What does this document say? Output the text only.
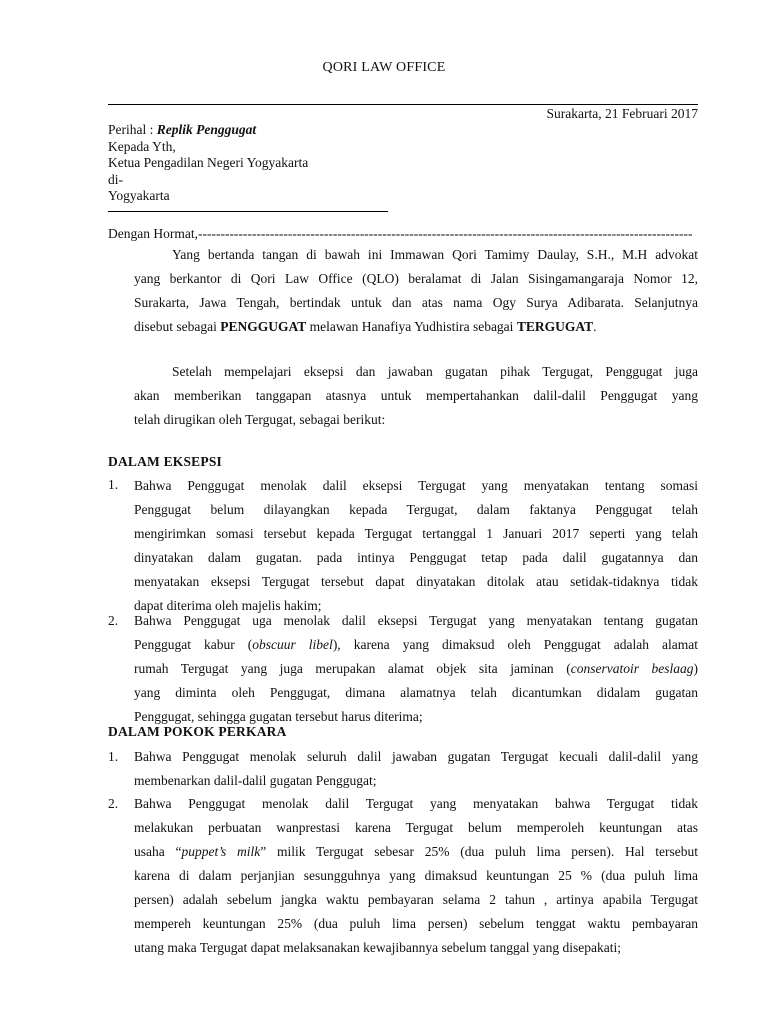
QORI LAW OFFICE
Surakarta, 21 Februari 2017
Perihal : Replik Penggugat
Kepada Yth,
Ketua Pengadilan Negeri Yogyakarta
di-
Yogyakarta
Dengan Hormat,--------------------------------------------------------------------------------------------------------------
Yang bertanda tangan di bawah ini Immawan Qori Tamimy Daulay, S.H., M.H advokat
yang berkantor di Qori Law Office (QLO) beralamat di Jalan Sisingamangaraja Nomor 12,
Surakarta, Jawa Tengah, bertindak untuk dan atas nama Ogy Surya Adibarata. Selanjutnya
disebut sebagai PENGGUGAT melawan Hanafiya Yudhistira sebagai TERGUGAT.
Setelah mempelajari eksepsi dan jawaban gugatan pihak Tergugat, Penggugat juga
akan memberikan tanggapan atasnya untuk mempertahankan dalil-dalil Penggugat yang
telah dirugikan oleh Tergugat, sebagai berikut:
DALAM EKSEPSI
1. Bahwa Penggugat menolak dalil eksepsi Tergugat yang menyatakan tentang somasi
Penggugat belum dilayangkan kepada Tergugat, dalam faktanya Penggugat telah
mengirimkan somasi tersebut kepada Tergugat tertanggal 1 Januari 2017 seperti yang telah
dinyatakan dalam gugatan. pada intinya Penggugat tetap pada dalil gugatannya dan
menyatakan eksepsi Tergugat tersebut dapat dinyatakan ditolak atau setidak-tidaknya tidak
dapat diterima oleh majelis hakim;
2. Bahwa Penggugat uga menolak dalil eksepsi Tergugat yang menyatakan tentang gugatan
Penggugat kabur (obscuur libel), karena yang dimaksud oleh Penggugat adalah alamat
rumah Tergugat yang juga merupakan alamat objek sita jaminan (conservatoir beslaag)
yang diminta oleh Penggugat, dimana alamatnya telah dicantumkan didalam gugatan
Penggugat, sehingga gugatan tersebut harus diterima;
DALAM POKOK PERKARA
1. Bahwa Penggugat menolak seluruh dalil jawaban gugatan Tergugat kecuali dalil-dalil yang
membenarkan dalil-dalil gugatan Penggugat;
2. Bahwa Penggugat menolak dalil Tergugat yang menyatakan bahwa Tergugat tidak
melakukan perbuatan wanprestasi karena Tergugat belum memperoleh keuntungan atas
usaha “puppet’s milk” milik Tergugat sebesar 25% (dua puluh lima persen). Hal tersebut
karena di dalam perjanjian sesungguhnya yang dimaksud keuntungan 25 % (dua puluh lima
persen) adalah sebelum jangka waktu pembayaran selama 2 tahun , artinya apabila Tergugat
mempereh keuntungan 25% (dua puluh lima persen) sebelum tenggat waktu pembayaran
utang maka Tergugat dapat melaksanakan kewajibannya sebelum tanggal yang disepakati;
